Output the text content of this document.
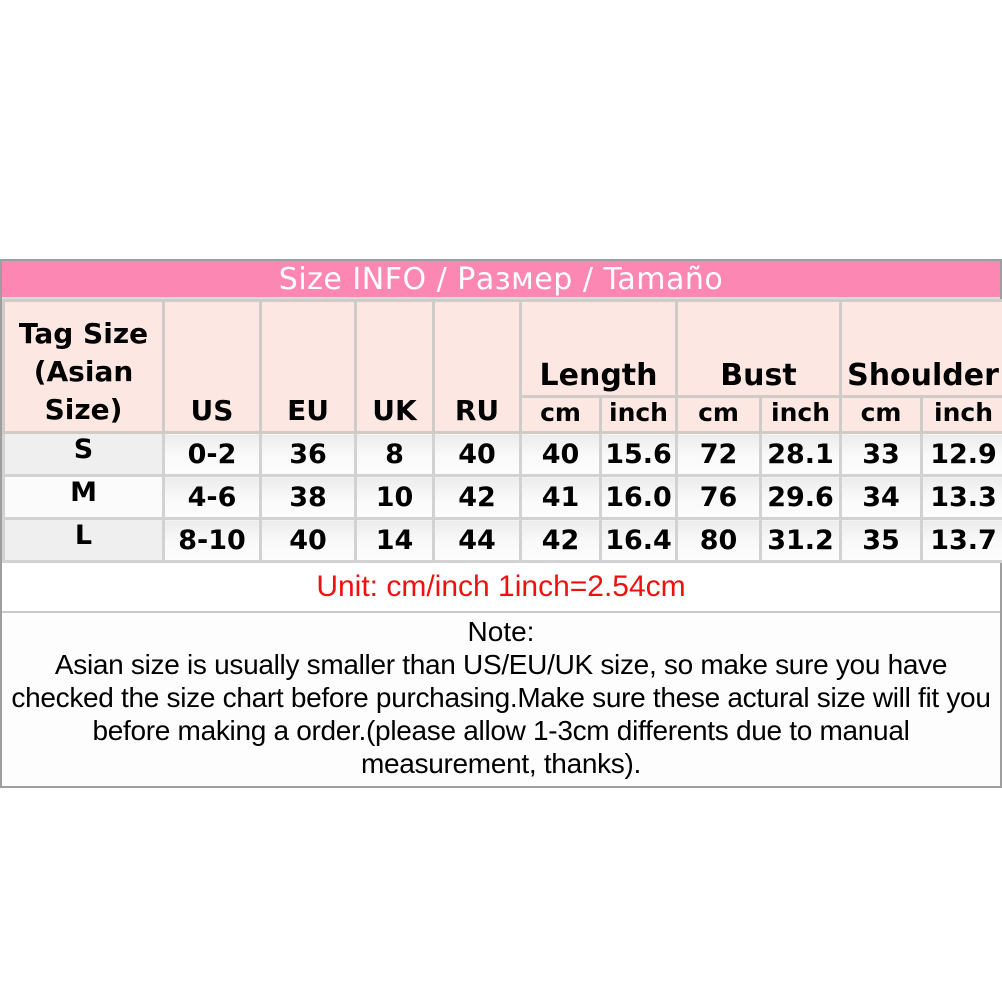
Size INFO / Размер / Tamaño
Tag Size (Asian Size)	US	EU	UK	RU	Length		Bust		Shoulder	
					cm	inch	cm	inch	cm	inch
S	0-2	36	8	40	40	15.6	72	28.1	33	12.9
M	4-6	38	10	42	41	16.0	76	29.6	34	13.3
L	8-10	40	14	44	42	16.4	80	31.2	35	13.7
Unit: cm/inch 1inch=2.54cm
Note:
Asian size is usually smaller than US/EU/UK size, so make sure you have checked the size chart before purchasing.Make sure these actural size will fit you before making a order.(please allow 1-3cm differents due to manual measurement, thanks).
